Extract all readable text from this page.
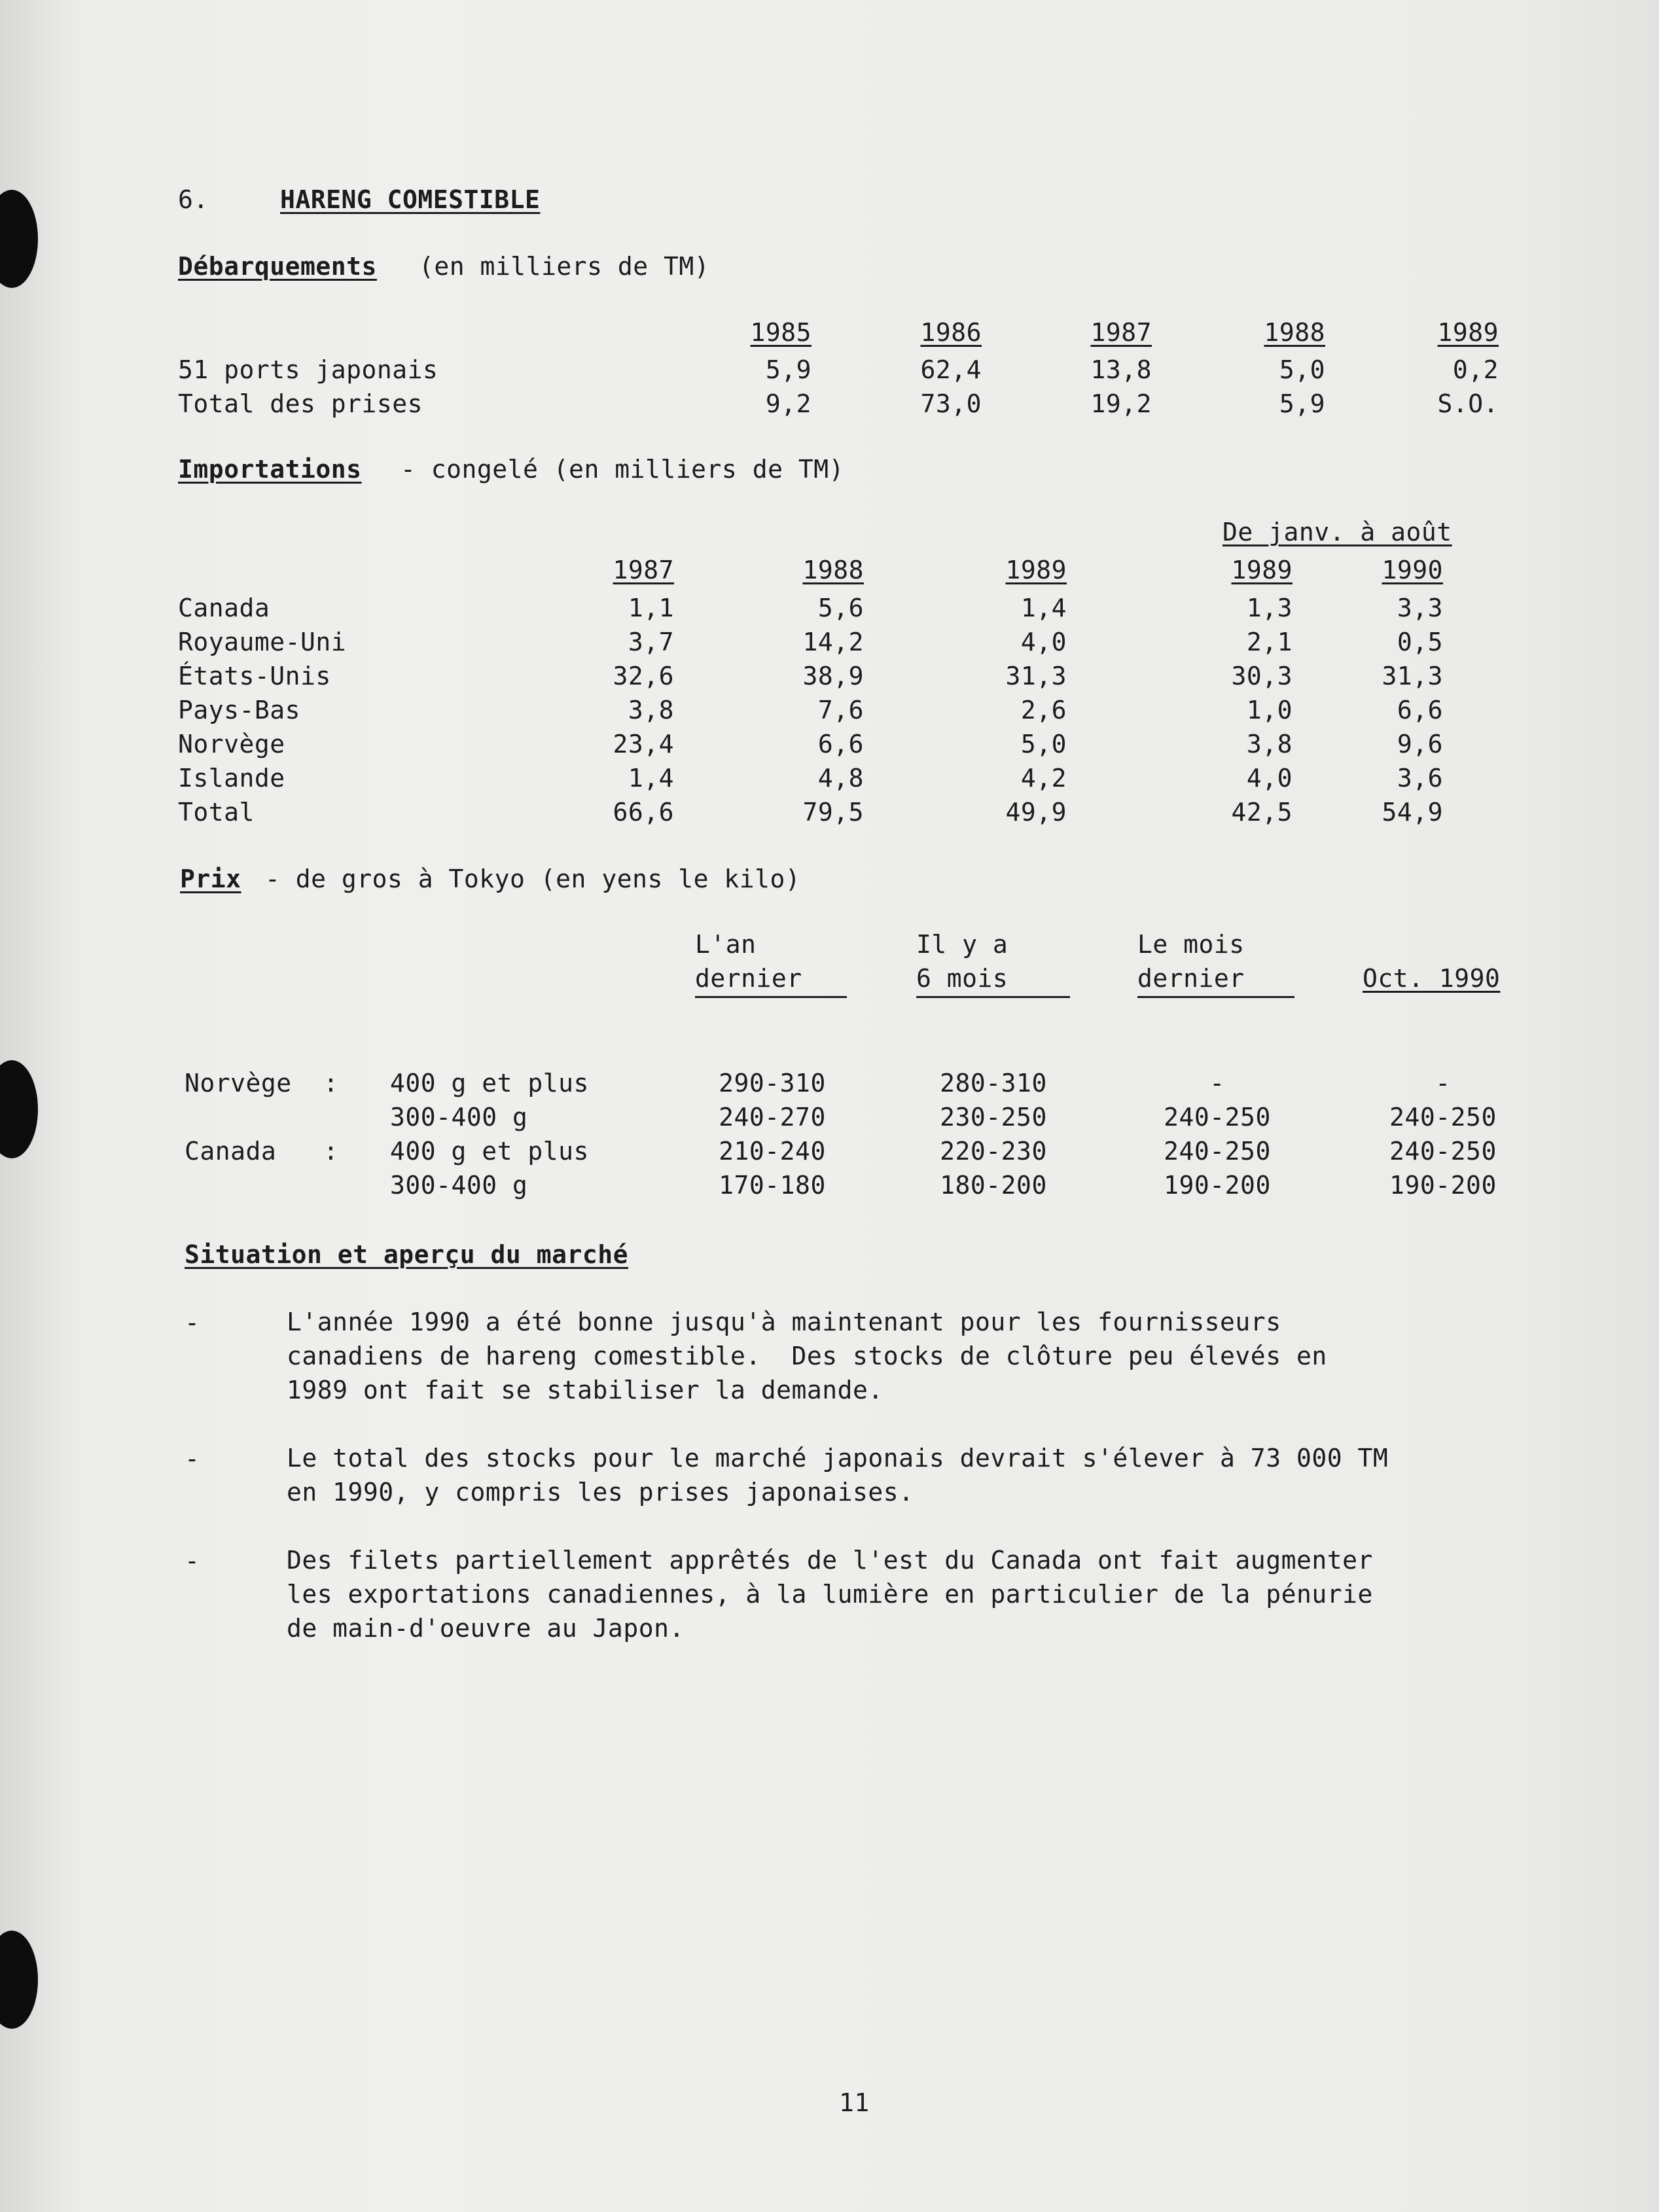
6.	HARENG COMESTIBLE
Débarquements (en milliers de TM)
1985	1986	1987	1988	1989
51 ports japonais	5,9	62,4	13,8	5,0	0,2
Total des prises	9,2	73,0	19,2	5,9	S.O.
Importations - congelé (en milliers de TM)
De janv. à août
1987	1988	1989	1989	1990
Canada	1,1	5,6	1,4	1,3	3,3
Royaume-Uni	3,7	14,2	4,0	2,1	0,5
États-Unis	32,6	38,9	31,3	30,3	31,3
Pays-Bas	3,8	7,6	2,6	1,0	6,6
Norvège	23,4	6,6	5,0	3,8	9,6
Islande	1,4	4,8	4,2	4,0	3,6
Total	66,6	79,5	49,9	42,5	54,9
Prix - de gros à Tokyo (en yens le kilo)
L'an	Il y a	Le mois
dernier	6 mois	dernier	Oct. 1990
Norvège : 400 g et plus	290-310	280-310	-	-
300-400 g	240-270	230-250	240-250	240-250
Canada : 400 g et plus	210-240	220-230	240-250	240-250
300-400 g	170-180	180-200	190-200	190-200
Situation et aperçu du marché
-	L'année 1990 a été bonne jusqu'à maintenant pour les fournisseurs
canadiens de hareng comestible.  Des stocks de clôture peu élevés en
1989 ont fait se stabiliser la demande.
-	Le total des stocks pour le marché japonais devrait s'élever à 73 000 TM
en 1990, y compris les prises japonaises.
-	Des filets partiellement apprêtés de l'est du Canada ont fait augmenter
les exportations canadiennes, à la lumière en particulier de la pénurie
de main-d'oeuvre au Japon.
11
